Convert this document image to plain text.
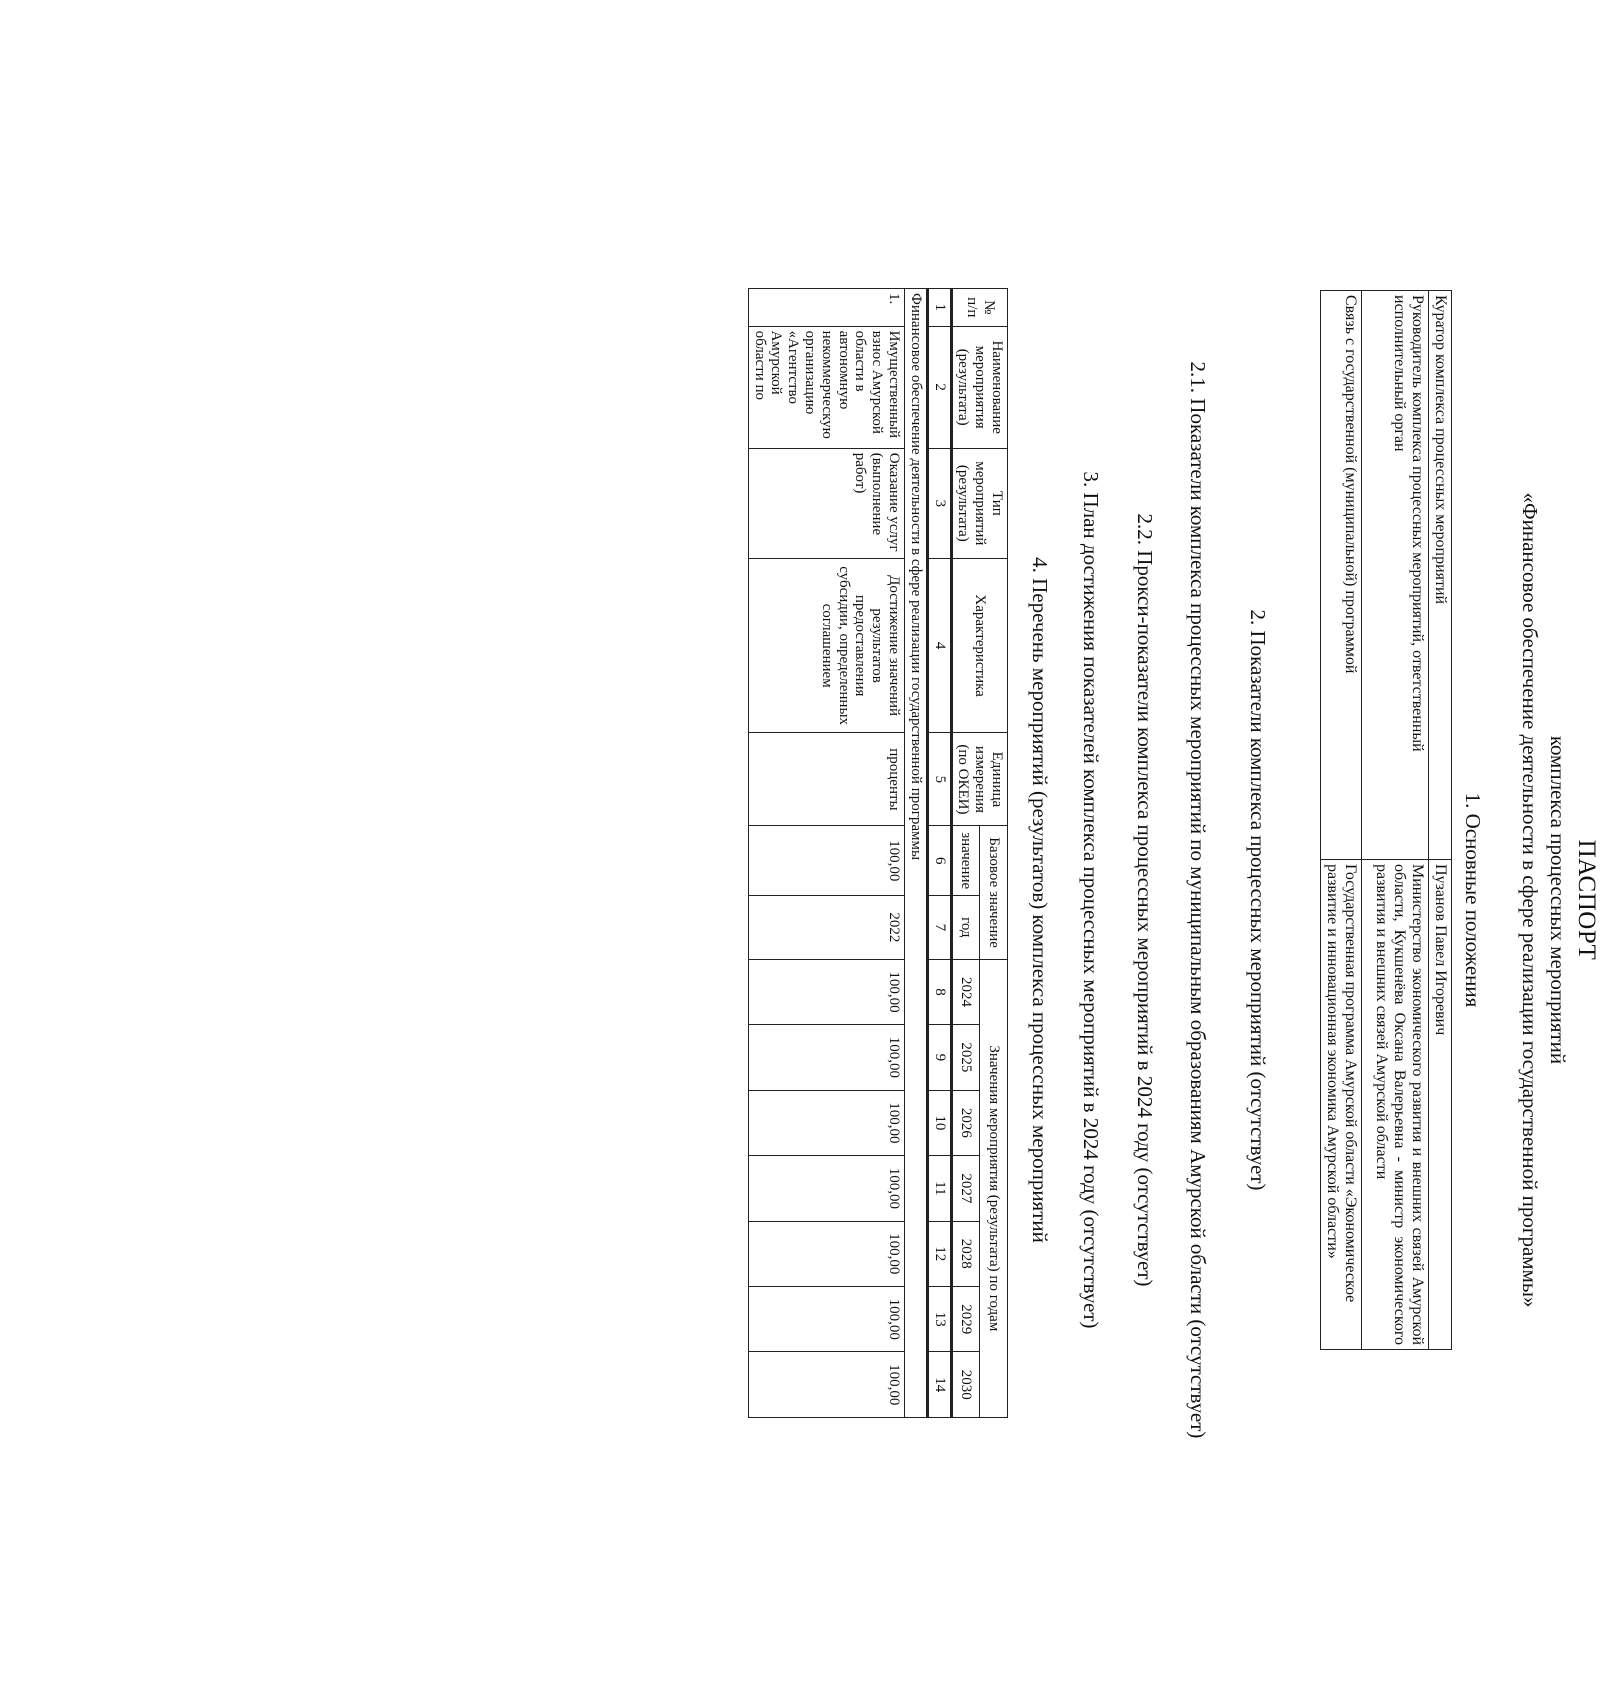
ПАСПОРТ
комплекса процессных мероприятий
«Финансовое обеспечение деятельности в сфере реализации государственной программы»
1. Основные положения
Куратор комплекса процессных мероприятий	Пузанов Павел Игоревич
Руководитель комплекса процессных мероприятий, ответственный исполнительный орган	Министерство экономического развития и внешних связей Амурской области, Кукшенёва Оксана Валерьевна - министр экономического развития и внешних связей Амурской области
Связь с государственной (муниципальной) программой	Государственная программа Амурской области «Экономическое развитие и инновационная экономика Амурской области»
2. Показатели комплекса процессных мероприятий (отсутствует)
2.1. Показатели комплекса процессных мероприятий по муниципальным образованиям Амурской области (отсутствует)
2.2. Прокси-показатели комплекса процессных мероприятий в 2024 году (отсутствует)
3. План достижения показателей комплекса процессных мероприятий в 2024 году (отсутствует)
4. Перечень мероприятий (результатов) комплекса процессных мероприятий
№ п/п	Наименование мероприятия (результата)	Тип мероприятий (результата)	Характеристика	Единица измерения (по ОКЕИ)	Базовое значение		Значения мероприятия (результата) по годам						
					значение	год	2024	2025	2026	2027	2028	2029	2030
1	2	3	4	5	6	7	8	9	10	11	12	13	14
Финансовое обеспечение деятельности в сфере реализации государственной программы													
1.	Имущественный взнос Амурской области в автономную некоммерческую организацию «Агентство Амурской области по	Оказание услуг (выполнение работ)	Достижение значений результатов предоставления субсидии, определенных соглашением	проценты	100,00	2022	100,00	100,00	100,00	100,00	100,00	100,00	100,00
